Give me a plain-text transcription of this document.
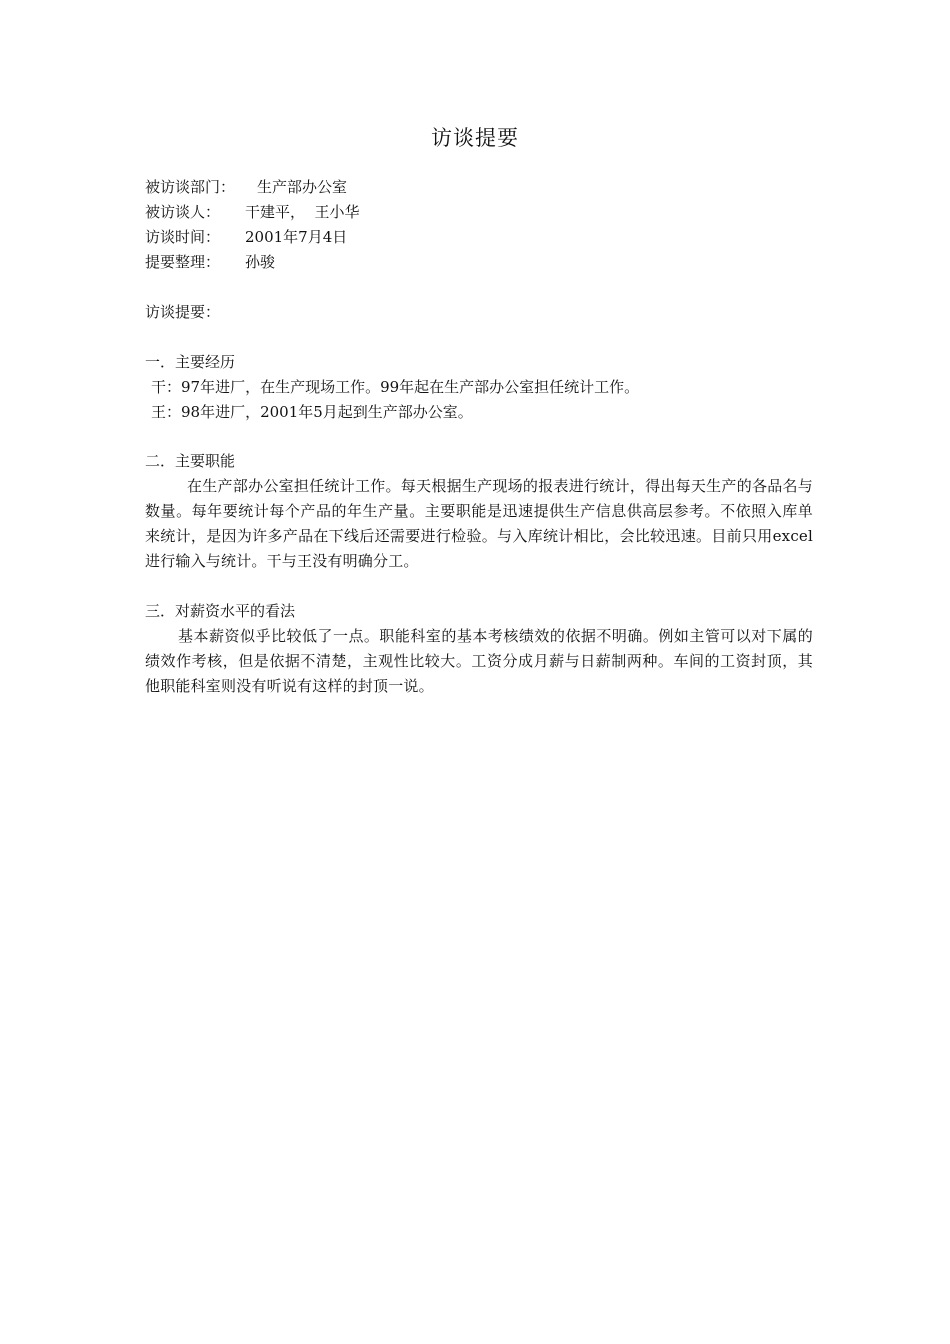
访谈提要
被访谈部门：	生产部办公室
被访谈人：	干建平，  王小华
访谈时间：	2001年7月4日
提要整理：	孙骏
访谈提要：
一．主要经历
干：97年进厂，在生产现场工作。99年起在生产部办公室担任统计工作。
王：98年进厂，2001年5月起到生产部办公室。
二．主要职能
在生产部办公室担任统计工作。每天根据生产现场的报表进行统计，得出每天生产的各品名与数量。每年要统计每个产品的年生产量。主要职能是迅速提供生产信息供高层参考。不依照入库单来统计，是因为许多产品在下线后还需要进行检验。与入库统计相比，会比较迅速。目前只用excel进行输入与统计。干与王没有明确分工。
三．对薪资水平的看法
基本薪资似乎比较低了一点。职能科室的基本考核绩效的依据不明确。例如主管可以对下属的绩效作考核，但是依据不清楚，主观性比较大。工资分成月薪与日薪制两种。车间的工资封顶，其他职能科室则没有听说有这样的封顶一说。
